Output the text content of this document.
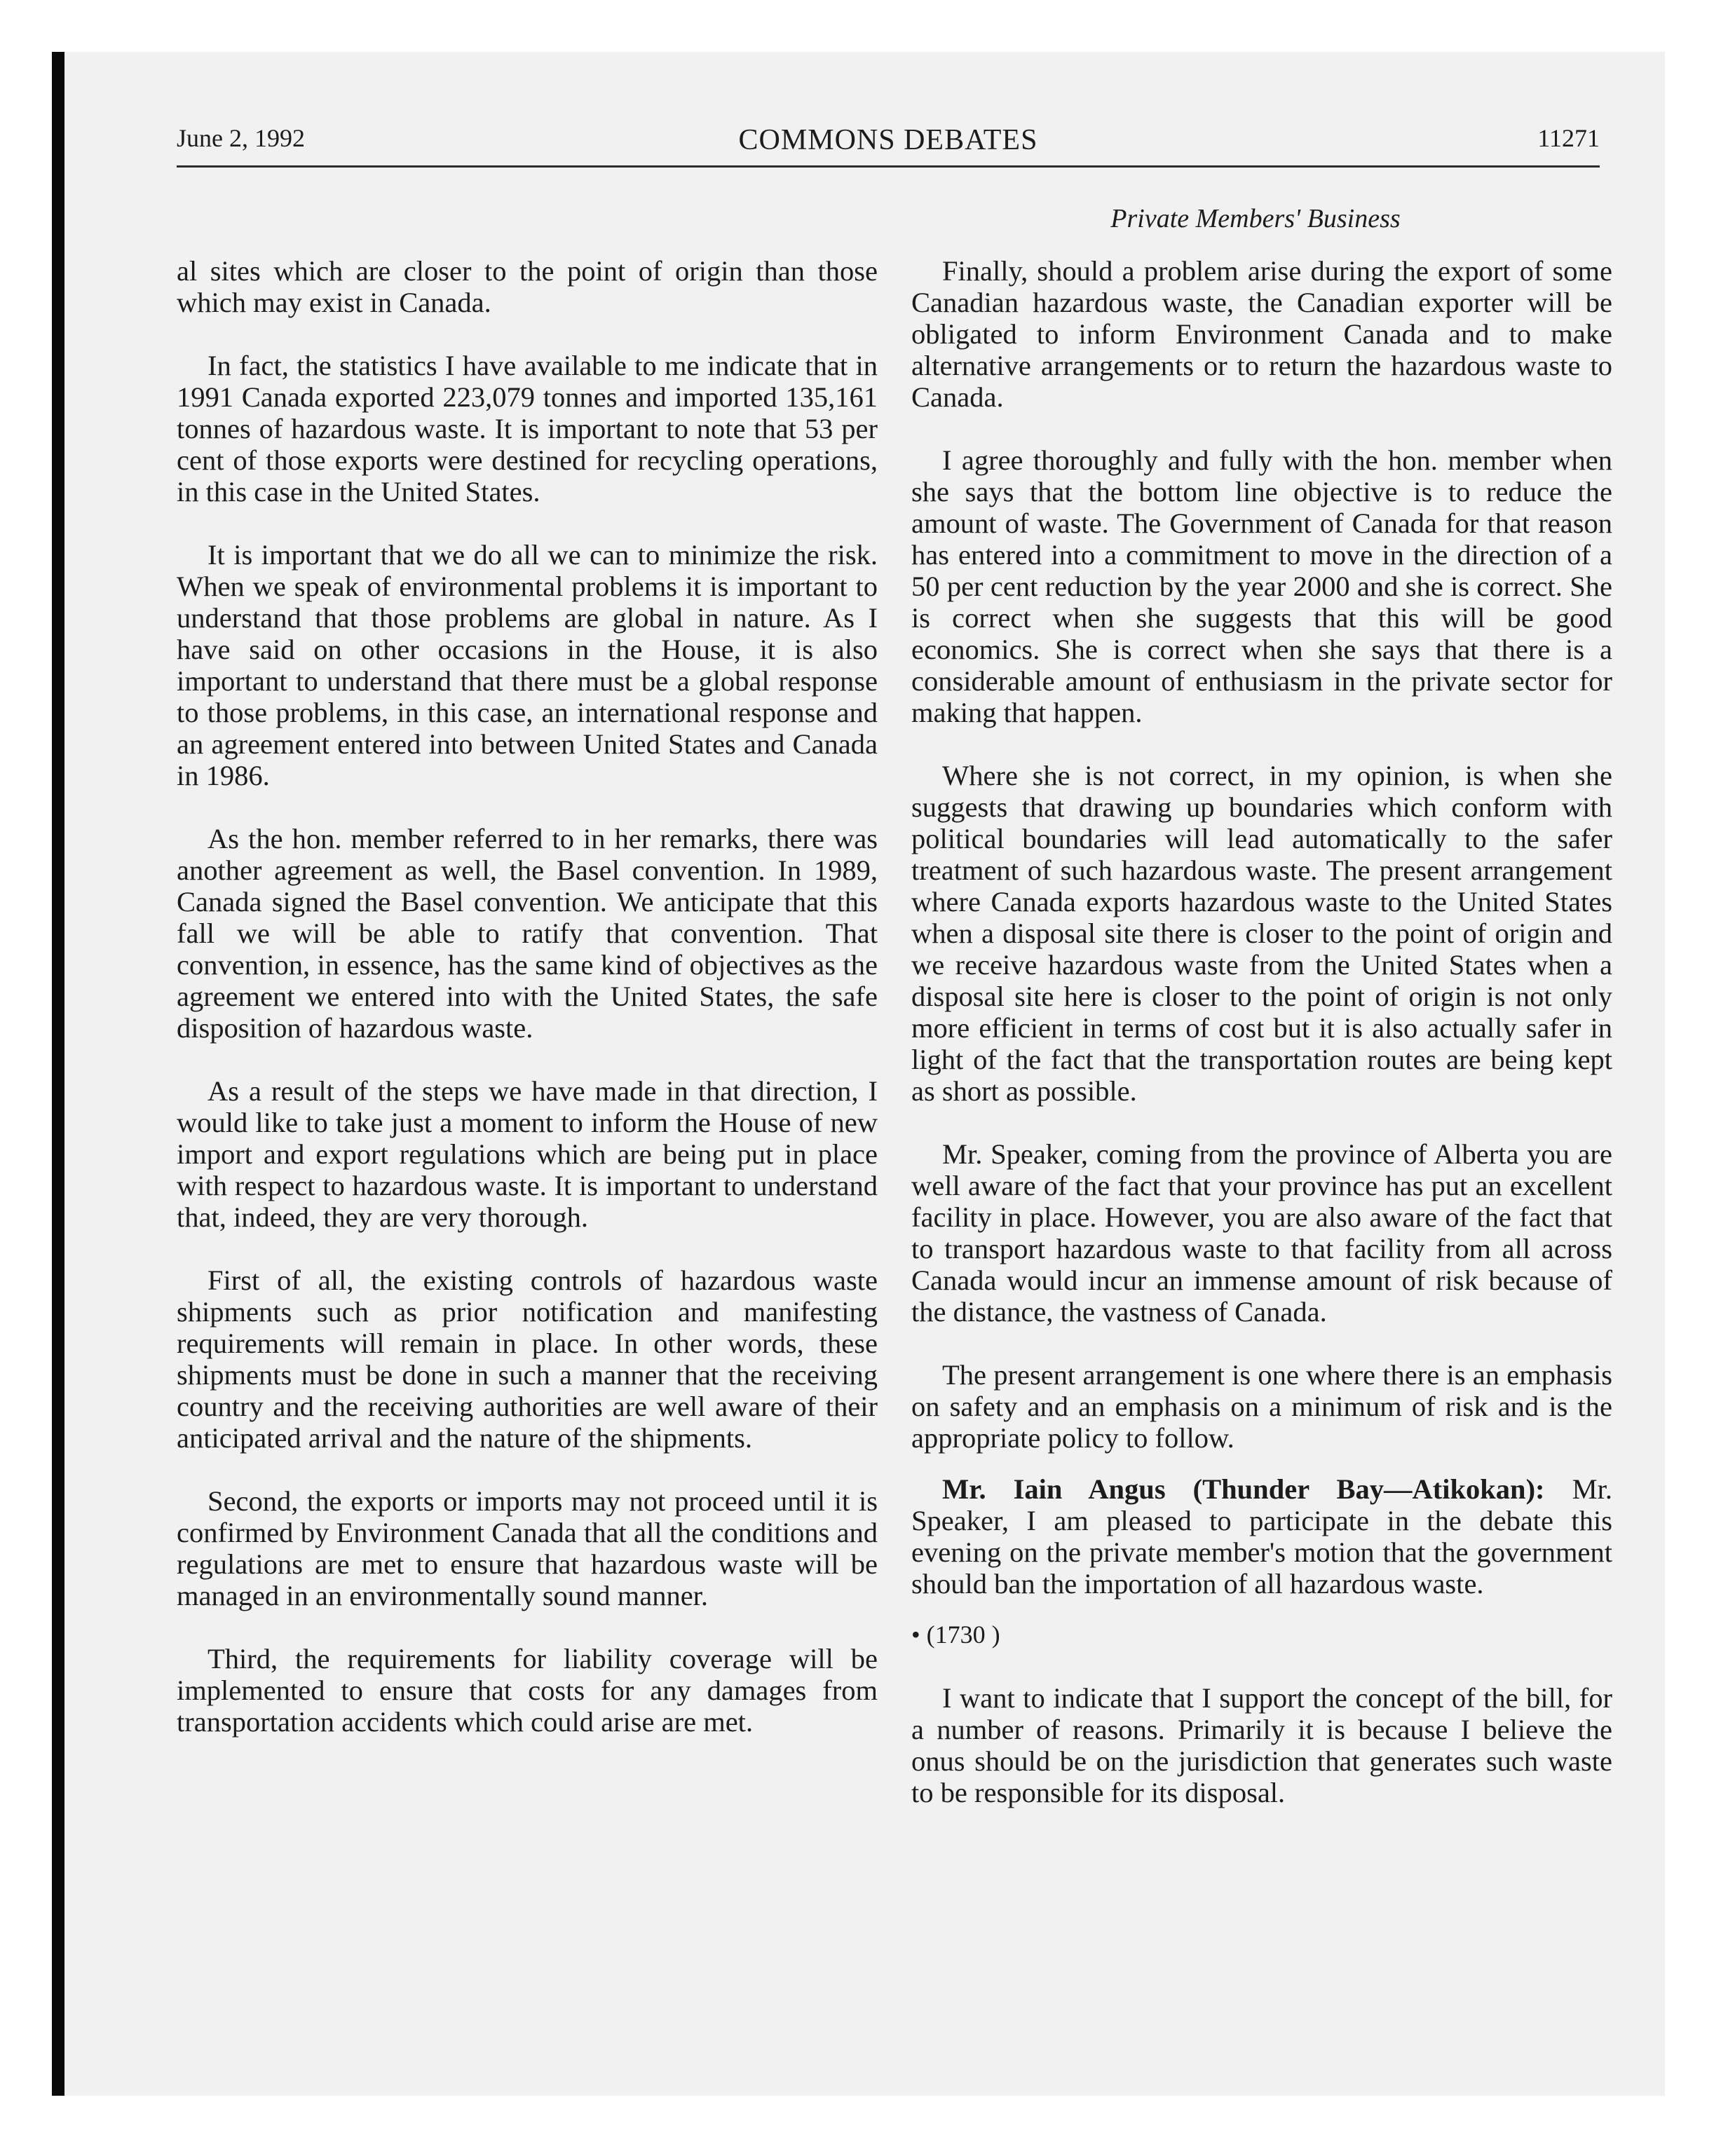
June 2, 1992	COMMONS DEBATES	11271
Private Members' Business

al sites which are closer to the point of origin than those which may exist in Canada.

In fact, the statistics I have available to me indicate that in 1991 Canada exported 223,079 tonnes and imported 135,161 tonnes of hazardous waste. It is important to note that 53 per cent of those exports were destined for recycling operations, in this case in the United States.

It is important that we do all we can to minimize the risk. When we speak of environmental problems it is important to understand that those problems are global in nature. As I have said on other occasions in the House, it is also important to understand that there must be a global response to those problems, in this case, an international response and an agreement entered into between United States and Canada in 1986.

As the hon. member referred to in her remarks, there was another agreement as well, the Basel convention. In 1989, Canada signed the Basel convention. We anticipate that this fall we will be able to ratify that convention. That convention, in essence, has the same kind of objectives as the agreement we entered into with the United States, the safe disposition of hazardous waste.

As a result of the steps we have made in that direction, I would like to take just a moment to inform the House of new import and export regulations which are being put in place with respect to hazardous waste. It is important to understand that, indeed, they are very thorough.

First of all, the existing controls of hazardous waste shipments such as prior notification and manifesting requirements will remain in place. In other words, these shipments must be done in such a manner that the receiving country and the receiving authorities are well aware of their anticipated arrival and the nature of the shipments.

Second, the exports or imports may not proceed until it is confirmed by Environment Canada that all the conditions and regulations are met to ensure that hazardous waste will be managed in an environmentally sound manner.

Third, the requirements for liability coverage will be implemented to ensure that costs for any damages from transportation accidents which could arise are met.

Finally, should a problem arise during the export of some Canadian hazardous waste, the Canadian exporter will be obligated to inform Environment Canada and to make alternative arrangements or to return the hazardous waste to Canada.

I agree thoroughly and fully with the hon. member when she says that the bottom line objective is to reduce the amount of waste. The Government of Canada for that reason has entered into a commitment to move in the direction of a 50 per cent reduction by the year 2000 and she is correct. She is correct when she suggests that this will be good economics. She is correct when she says that there is a considerable amount of enthusiasm in the private sector for making that happen.

Where she is not correct, in my opinion, is when she suggests that drawing up boundaries which conform with political boundaries will lead automatically to the safer treatment of such hazardous waste. The present arrangement where Canada exports hazardous waste to the United States when a disposal site there is closer to the point of origin and we receive hazardous waste from the United States when a disposal site here is closer to the point of origin is not only more efficient in terms of cost but it is also actually safer in light of the fact that the transportation routes are being kept as short as possible.

Mr. Speaker, coming from the province of Alberta you are well aware of the fact that your province has put an excellent facility in place. However, you are also aware of the fact that to transport hazardous waste to that facility from all across Canada would incur an immense amount of risk because of the distance, the vastness of Canada.

The present arrangement is one where there is an emphasis on safety and an emphasis on a minimum of risk and is the appropriate policy to follow.

Mr. Iain Angus (Thunder Bay—Atikokan): Mr. Speaker, I am pleased to participate in the debate this evening on the private member's motion that the government should ban the importation of all hazardous waste.

• (1730 )

I want to indicate that I support the concept of the bill, for a number of reasons. Primarily it is because I believe the onus should be on the jurisdiction that generates such waste to be responsible for its disposal.
